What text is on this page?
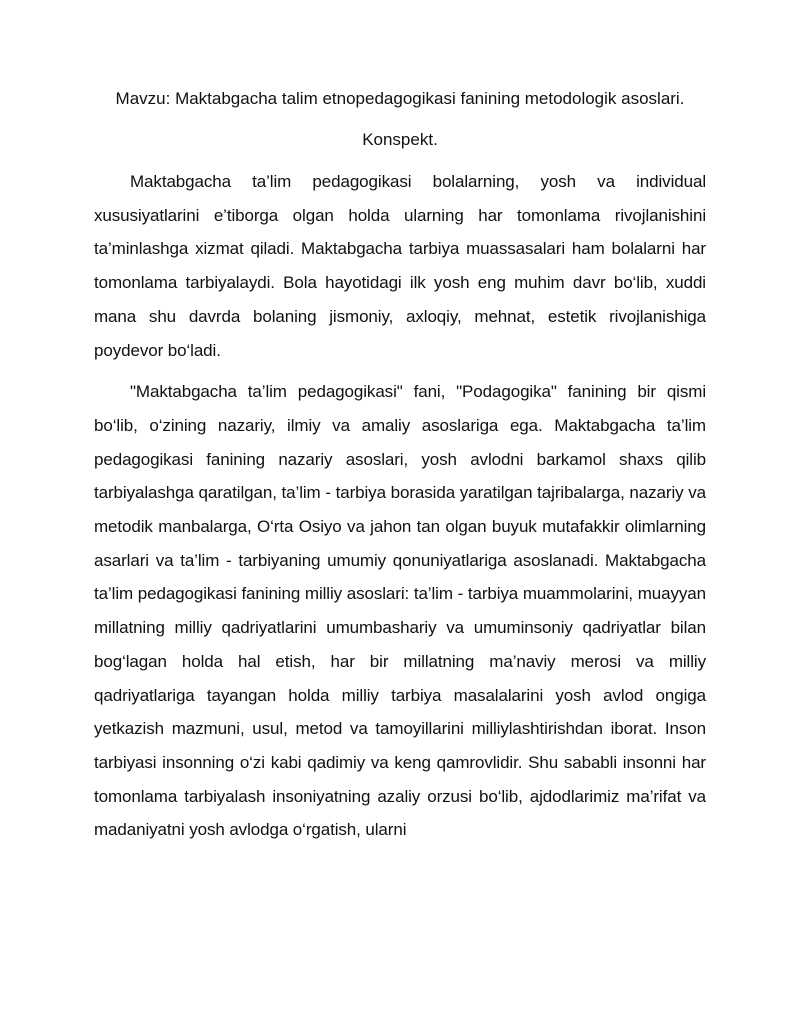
Mavzu: Maktabgacha talim etnopedagogikasi fanining metodologik asoslari.
Konspekt.

Maktabgacha ta’lim pedagogikasi bolalarning, yosh va individual xususiyatlarini e’tiborga olgan holda ularning har tomonlama rivojlanishini ta’minlashga xizmat qiladi. Maktabgacha tarbiya muassasalari ham bolalarni har tomonlama tarbiyalaydi. Bola hayotidagi ilk yosh eng muhim davr bo‘lib, xuddi mana shu davrda bolaning jismoniy, axloqiy, mehnat, estetik rivojlanishiga poydevor bo‘ladi.

"Maktabgacha ta’lim pedagogikasi" fani, "Podagogika" fanining bir qismi bo‘lib, o‘zining nazariy, ilmiy va amaliy asoslariga ega. Maktabgacha ta’lim pedagogikasi fanining nazariy asoslari, yosh avlodni barkamol shaxs qilib tarbiyalashga qaratilgan, ta’lim - tarbiya borasida yaratilgan tajribalarga, nazariy va metodik manbalarga, O‘rta Osiyo va jahon tan olgan buyuk mutafakkir olimlarning asarlari va ta’lim - tarbiyaning umumiy qonuniyatlariga asoslanadi. Maktabgacha ta’lim pedagogikasi fanining milliy asoslari: ta’lim - tarbiya muammolarini, muayyan millatning milliy qadriyatlarini umumbashariy va umuminsoniy qadriyatlar bilan bog‘lagan holda hal etish, har bir millatning ma’naviy merosi va milliy qadriyatlariga tayangan holda milliy tarbiya masalalarini yosh avlod ongiga yetkazish mazmuni, usul, metod va tamoyillarini milliylashtirishdan iborat. Inson tarbiyasi insonning o‘zi kabi qadimiy va keng qamrovlidir. Shu sababli insonni har tomonlama tarbiyalash insoniyatning azaliy orzusi bo‘lib, ajdodlarimiz ma’rifat va madaniyatni yosh avlodga o‘rgatish, ularni
